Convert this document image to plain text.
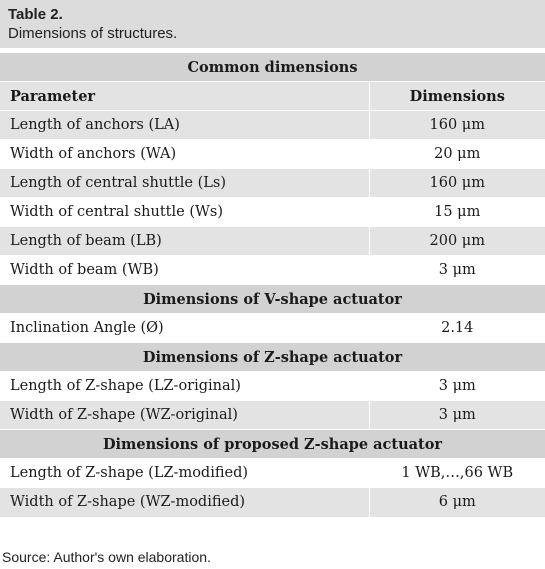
Table 2.
Dimensions of structures.
Common dimensions	
Parameter	Dimensions
Length of anchors (LA)	160 μm
Width of anchors (WA)	20 μm
Length of central shuttle (Ls)	160 μm
Width of central shuttle (Ws)	15 μm
Length of beam (LB)	200 μm
Width of beam (WB)	3 μm
Dimensions of V-shape actuator	
Inclination Angle (Ø)	2.14
Dimensions of Z-shape actuator	
Length of Z-shape (LZ-original)	3 μm
Width of Z-shape (WZ-original)	3 μm
Dimensions of proposed Z-shape actuator	
Length of Z-shape (LZ-modified)	1 WB,…,66 WB
Width of Z-shape (WZ-modified)	6 μm
Source: Author's own elaboration.
